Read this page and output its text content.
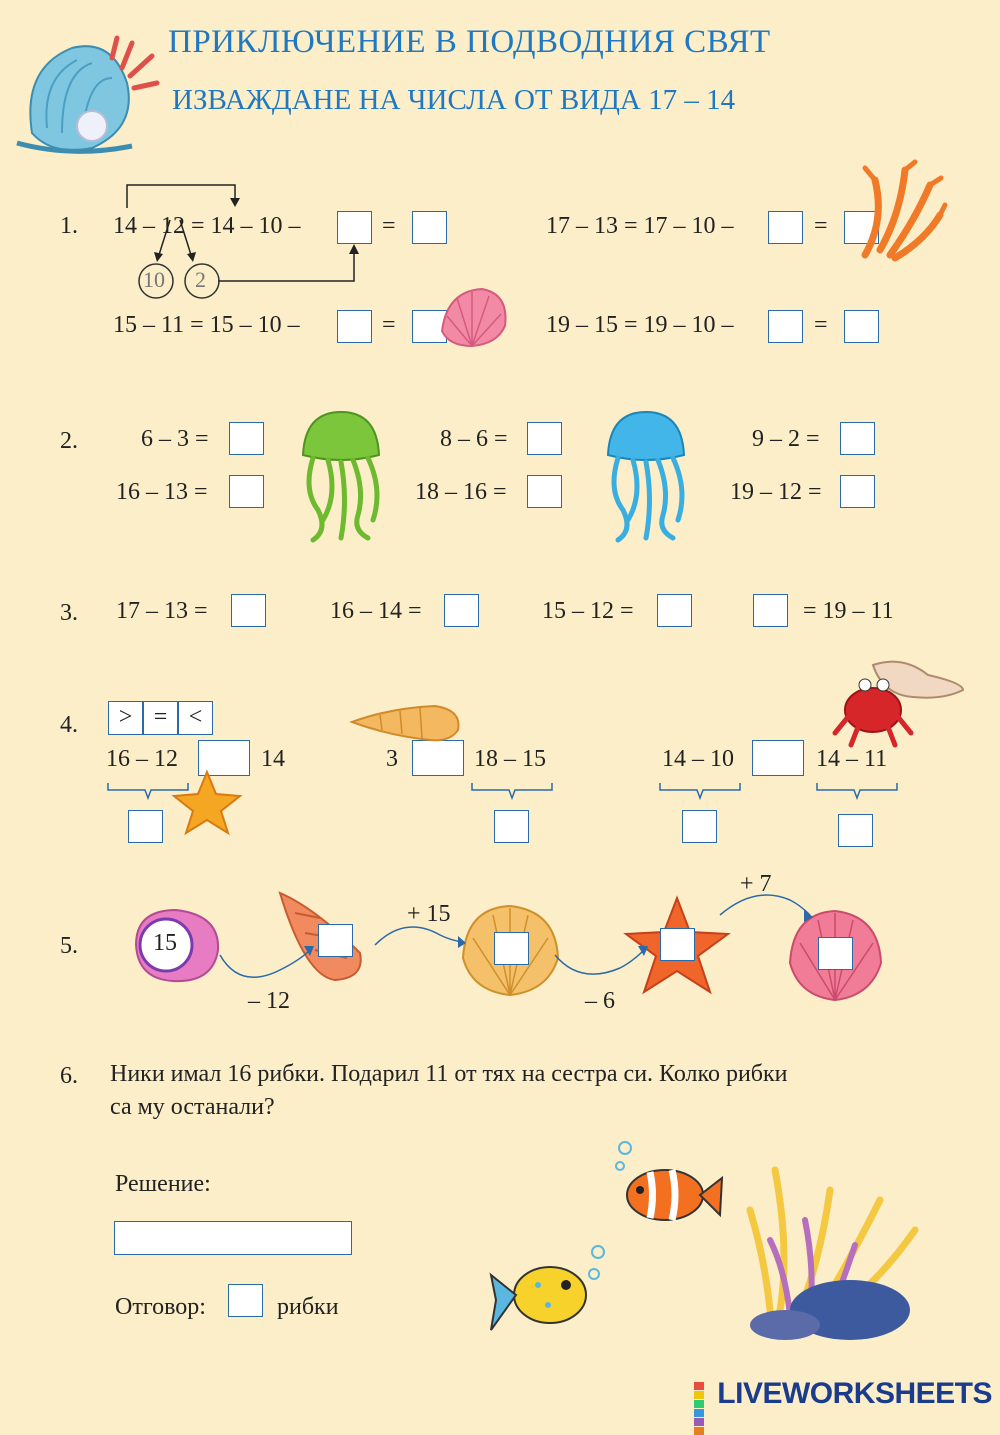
ПРИКЛЮЧЕНИЕ В ПОДВОДНИЯ СВЯТ
ИЗВАЖДАНЕ НА ЧИСЛА ОТ ВИДА 17 – 14
1. 14 – 12 = 14 – 10 –	=	17 – 13 = 17 – 10 –	=
10 2
15 – 11 = 15 – 10 –	=	19 – 15 = 19 – 10 –	=
2.	6 – 3 =	8 – 6 =	9 – 2 =
16 – 13 =	18 – 16 =	19 – 12 =
3. 17 – 13 =	16 – 14 =	15 – 12 =	= 19 – 11
4.	> = <
16 – 12	14	3	18 – 15	14 – 10	14 – 11
5.	15
– 12
+ 15
– 6
+ 7
6. Ники имал 16 рибки. Подарил 11 от тях на сестра си. Колко рибки
са му останали?
Решение:
Отговор:	рибки
LIVEWORKSHEETS
